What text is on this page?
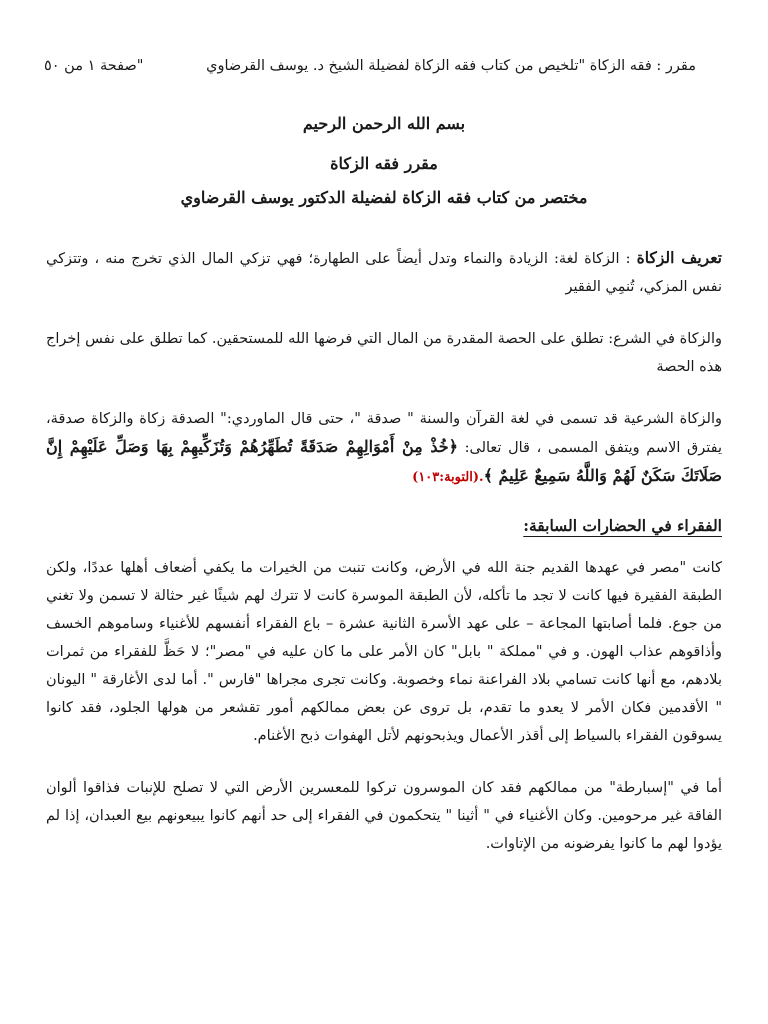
مقرر : فقه الزكاة "تلخيص من كتاب فقه الزكاة لفضيلة الشيخ د. يوسف القرضاوي
"صفحة ١ من ٥٠
بسم الله الرحمن الرحيم
مقرر فقه الزكاة
مختصر من كتاب فقه الزكاة لفضيلة الدكتور يوسف القرضاوي

تعريف الزكاة : الزكاة لغة: الزيادة والنماء وتدل أيضاً على الطهارة؛ فهي تزكي المال الذي تخرج منه ، وتتزكي نفس المزكي، تُنمِي الفقير

والزكاة في الشرع: تطلق على الحصة المقدرة من المال التي فرضها الله للمستحقين. كما تطلق على نفس إخراج هذه الحصة

والزكاة الشرعية قد تسمى في لغة القرآن والسنة " صدقة "، حتى قال الماوردي:" الصدقة زكاة والزكاة صدقة، يفترق الاسم ويتفق المسمى ، قال تعالى: ﴿خُذْ مِنْ أَمْوَالِهِمْ صَدَقَةً تُطَهِّرُهُمْ وَتُزَكِّيهِمْ بِهَا وَصَلِّ عَلَيْهِمْ إِنَّ صَلَاتَكَ سَكَنٌ لَهُمْ وَاللَّهُ سَمِيعٌ عَلِيمٌ ﴾.(التوبة:١٠٣)

الفقراء في الحضارات السابقة:

كانت "مصر في عهدها القديم جنة الله في الأرض، وكانت تنبت من الخيرات ما يكفي أضعاف أهلها عددًا، ولكن الطبقة الفقيرة فيها كانت لا تجد ما تأكله، لأن الطبقة الموسرة كانت لا تترك لهم شيئًا غير حثالة لا تسمن ولا تغني من جوع. فلما أصابتها المجاعة – على عهد الأسرة الثانية عشرة – باع الفقراء أنفسهم للأغنياء وساموهم الخسف وأذاقوهم عذاب الهون. و في "مملكة " بابل" كان الأمر على ما كان عليه في "مصر"؛ لا حَظَّ للفقراء من ثمرات بلادهم، مع أنها كانت تسامي بلاد الفراعنة نماء وخصوبة. وكانت تجرى مجراها "فارس ". أما لدى الأغارقة " اليونان " الأقدمين فكان الأمر لا يعدو ما تقدم، بل تروى عن بعض ممالكهم أمور تقشعر من هولها الجلود، فقد كانوا يسوقون الفقراء بالسياط إلى أقذر الأعمال ويذبحونهم لأتل الهفوات ذبح الأغنام.

أما في "إسبارطة" من ممالكهم فقد كان الموسرون تركوا للمعسرين الأرض التي لا تصلح للإنبات فذاقوا ألوان الفاقة غير مرحومين. وكان الأغنياء في " أثينا " يتحكمون في الفقراء إلى حد أنهم كانوا يبيعونهم بيع العبدان، إذا لم يؤدوا لهم ما كانوا يفرضونه من الإتاوات.
